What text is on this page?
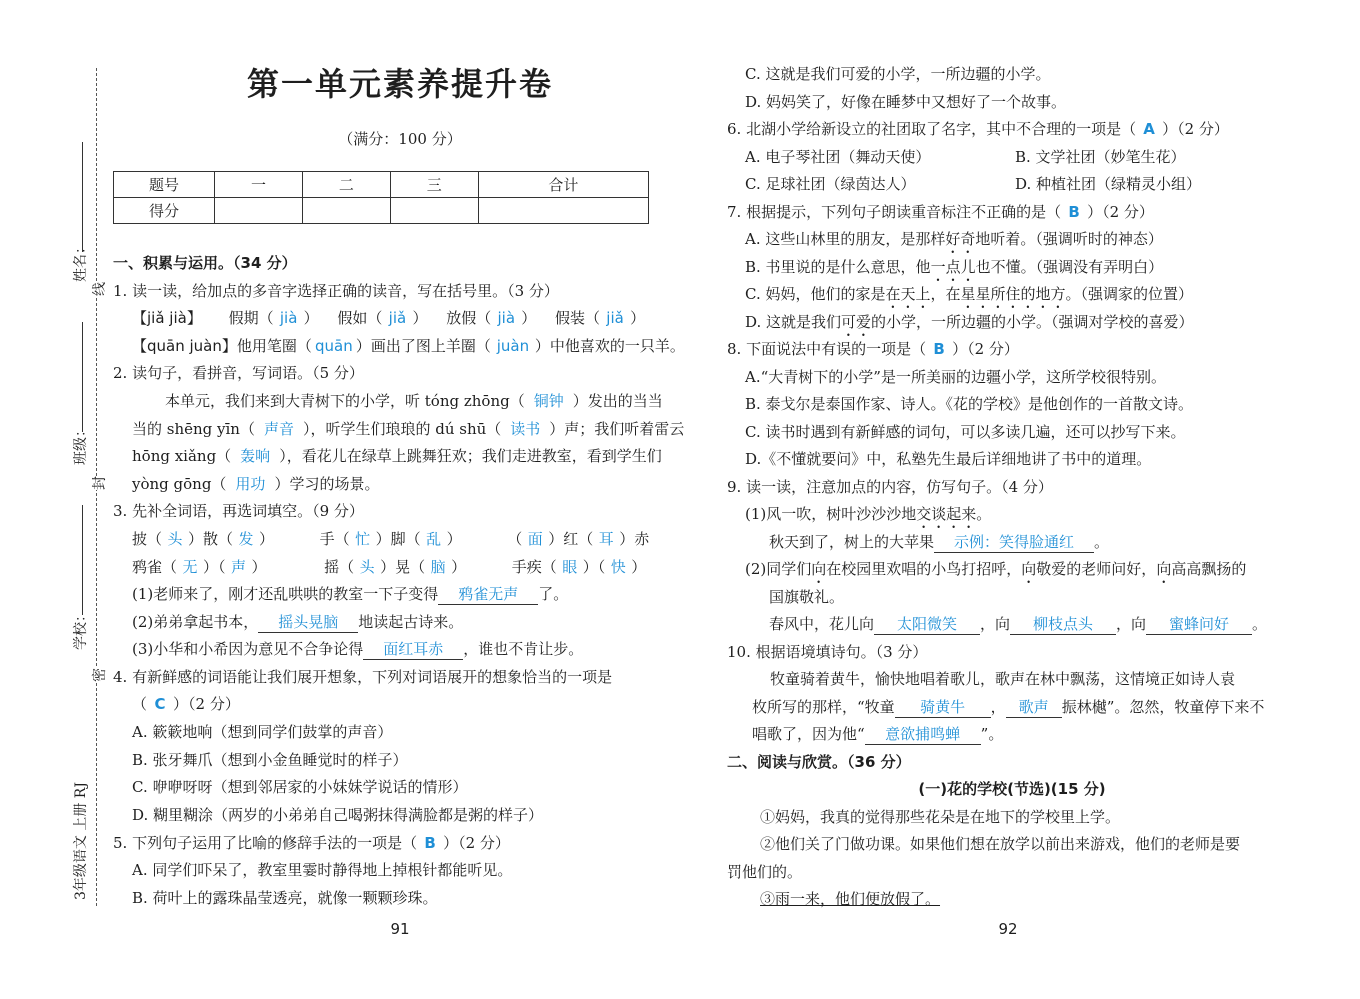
3年级语文 上册 RJ
学校：
班级：
姓名：
密
封
线
第一单元素养提升卷
（满分：100 分）
题号	一	二	三	合计
得分				
一、积累与运用。（34 分）
1. 读一读，给加点的多音字选择正确的读音，写在括号里。（3 分）
【jiǎ jià】 假期（ jià ） 假如（ jiǎ ） 放假（ jià ） 假装（ jiǎ ）
【quān juàn】他用笔圈（ quān ）画出了图上羊圈（ juàn ）中他喜欢的一只羊。
2. 读句子，看拼音，写词语。（5 分）
本单元，我们来到大青树下的小学，听 tóng zhōng（ 铜钟 ）发出的当当
当的 shēng yīn（ 声音 ），听学生们琅琅的 dú shū（ 读书 ）声；我们听着雷云
hōng xiǎng（ 轰响 ），看花儿在绿草上跳舞狂欢；我们走进教室，看到学生们
yòng gōng（ 用功 ）学习的场景。
3. 先补全词语，再选词填空。（9 分）
披（ 头 ）散（ 发 ）	手（ 忙 ）脚（ 乱 ）	（ 面 ）红（ 耳 ）赤
鸦雀（ 无 ）（ 声 ）	摇（ 头 ）晃（ 脑 ）	手疾（ 眼 ）（ 快 ）
(1)老师来了，刚才还乱哄哄的教室一下子变得 鸦雀无声 了。
(2)弟弟拿起书本， 摇头晃脑 地读起古诗来。
(3)小华和小希因为意见不合争论得 面红耳赤 ，谁也不肯让步。
4. 有新鲜感的词语能让我们展开想象，下列对词语展开的想象恰当的一项是
（ C ）（2 分）
A. 簌簌地响（想到同学们鼓掌的声音）
B. 张牙舞爪（想到小金鱼睡觉时的样子）
C. 咿咿呀呀（想到邻居家的小妹妹学说话的情形）
D. 糊里糊涂（两岁的小弟弟自己喝粥抹得满脸都是粥的样子）
5. 下列句子运用了比喻的修辞手法的一项是（ B ）（2 分）
A. 同学们吓呆了，教室里霎时静得地上掉根针都能听见。
B. 荷叶上的露珠晶莹透亮，就像一颗颗珍珠。
91
C. 这就是我们可爱的小学，一所边疆的小学。
D. 妈妈笑了，好像在睡梦中又想好了一个故事。
6. 北湖小学给新设立的社团取了名字，其中不合理的一项是（ A ）（2 分）
A. 电子琴社团（舞动天使）	B. 文学社团（妙笔生花）
C. 足球社团（绿茵达人）	D. 种植社团（绿精灵小组）
7. 根据提示，下列句子朗读重音标注不正确的是（ B ）（2 分）
A. 这些山林里的朋友，是那样好奇地听着。（强调听时的神态）
B. 书里说的是什么意思，他一点儿也不懂。（强调没有弄明白）
C. 妈妈，他们的家是在天上，在星星所住的地方。（强调家的位置）
D. 这就是我们可爱的小学，一所边疆的小学。（强调对学校的喜爱）
8. 下面说法中有误的一项是（ B ）（2 分）
A.“大青树下的小学”是一所美丽的边疆小学，这所学校很特别。
B. 泰戈尔是泰国作家、诗人。《花的学校》是他创作的一首散文诗。
C. 读书时遇到有新鲜感的词句，可以多读几遍，还可以抄写下来。
D.《不懂就要问》中，私塾先生最后详细地讲了书中的道理。
9. 读一读，注意加点的内容，仿写句子。（4 分）
(1)风一吹，树叶沙沙沙地交谈起来。
秋天到了，树上的大苹果 示例：笑得脸通红 。
(2)同学们向在校园里欢唱的小鸟打招呼，向敬爱的老师问好，向高高飘扬的
国旗敬礼。
春风中，花儿向 太阳微笑 ，向 柳枝点头 ，向 蜜蜂问好 。
10. 根据语境填诗句。（3 分）
牧童骑着黄牛，愉快地唱着歌儿，歌声在林中飘荡，这情境正如诗人袁
枚所写的那样，“牧童 骑黄牛 ， 歌声 振林樾”。忽然，牧童停下来不
唱歌了，因为他“ 意欲捕鸣蝉 ”。
二、阅读与欣赏。（36 分）
(一)花的学校(节选)(15 分)
①妈妈，我真的觉得那些花朵是在地下的学校里上学。
②他们关了门做功课。如果他们想在放学以前出来游戏，他们的老师是要
罚他们的。
③雨一来，他们便放假了。
92
